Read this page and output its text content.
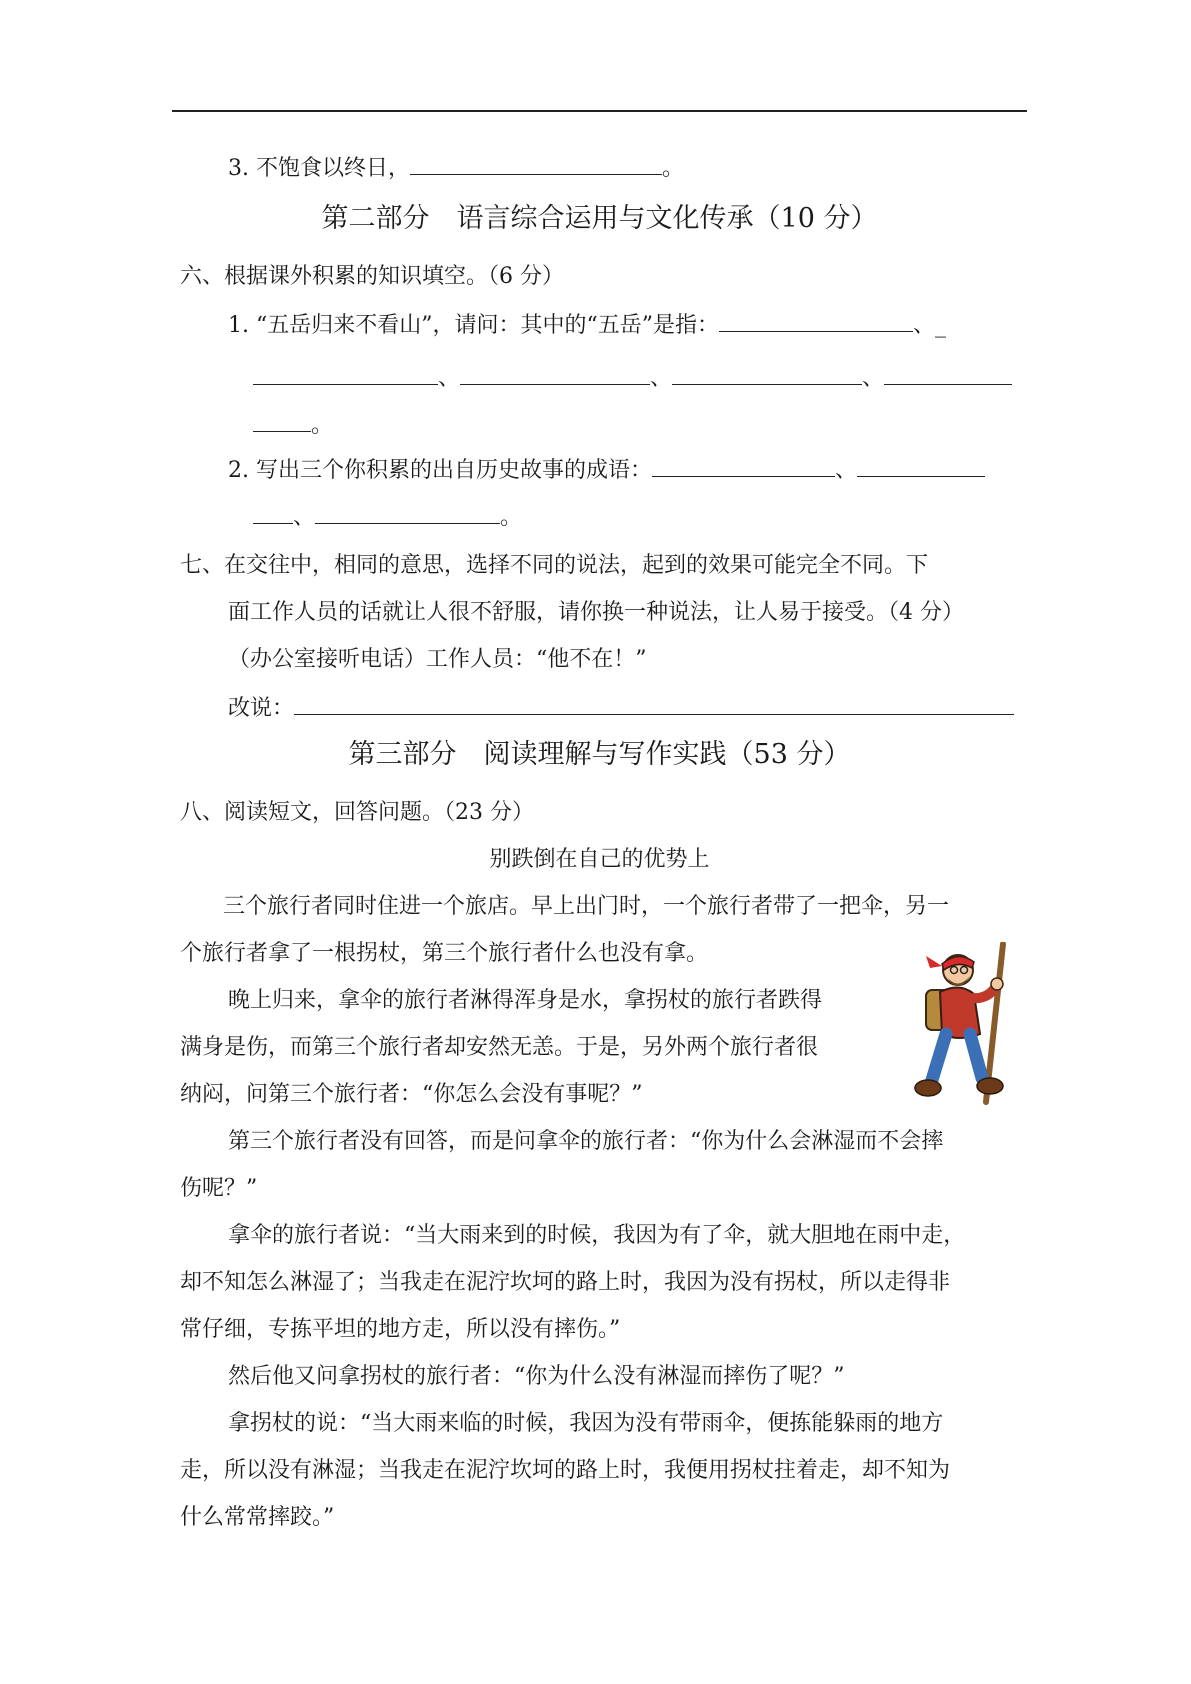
3. 不饱食以终日，	。
第二部分　语言综合运用与文化传承（10 分）
六、根据课外积累的知识填空。（6 分）
1. “五岳归来不看山”，请问：其中的“五岳”是指：	、_
、	、	、
。
2. 写出三个你积累的出自历史故事的成语：	、
、	。
七、在交往中，相同的意思，选择不同的说法，起到的效果可能完全不同。下
面工作人员的话就让人很不舒服，请你换一种说法，让人易于接受。（4 分）
（办公室接听电话）工作人员：“他不在！”
改说：
第三部分　阅读理解与写作实践（53 分）
八、阅读短文，回答问题。（23 分）
别跌倒在自己的优势上
三个旅行者同时住进一个旅店。早上出门时，一个旅行者带了一把伞，另一
个旅行者拿了一根拐杖，第三个旅行者什么也没有拿。
晚上归来，拿伞的旅行者淋得浑身是水，拿拐杖的旅行者跌得
满身是伤，而第三个旅行者却安然无恙。于是，另外两个旅行者很
纳闷，问第三个旅行者：“你怎么会没有事呢？”
第三个旅行者没有回答，而是问拿伞的旅行者：“你为什么会淋湿而不会摔
伤呢？”
拿伞的旅行者说：“当大雨来到的时候，我因为有了伞，就大胆地在雨中走，
却不知怎么淋湿了；当我走在泥泞坎坷的路上时，我因为没有拐杖，所以走得非
常仔细，专拣平坦的地方走，所以没有摔伤。”
然后他又问拿拐杖的旅行者：“你为什么没有淋湿而摔伤了呢？”
拿拐杖的说：“当大雨来临的时候，我因为没有带雨伞，便拣能躲雨的地方
走，所以没有淋湿；当我走在泥泞坎坷的路上时，我便用拐杖拄着走，却不知为
什么常常摔跤。”
